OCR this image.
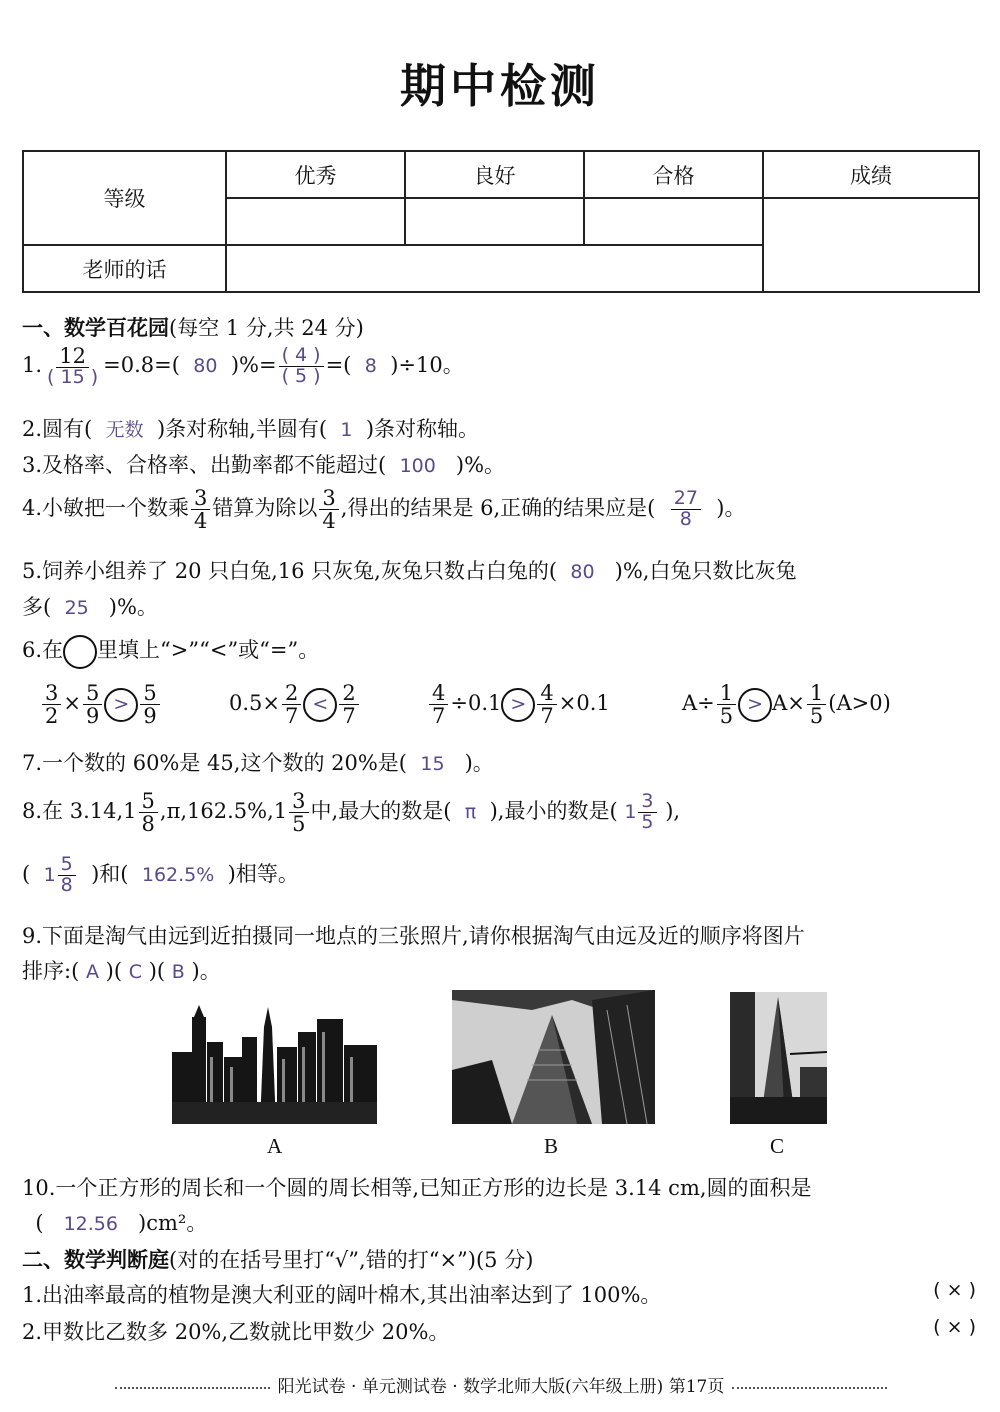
期中检测
等级	优秀	良好	合格	成绩

老师的话				
一、数学百花园(每空 1 分,共 24 分)
1. $\frac{12}{( 15 )} =0.8=$( 80 )%= $\frac{( 4 )}{( 5 )}$ =( 8 )÷10。
2.圆有( 无数 )条对称轴,半圆有( 1 )条对称轴。
3.及格率、合格率、出勤率都不能超过( 100 )%。
4.小敏把一个数乘 $\frac{3}{4}$ 错算为除以 $\frac{3}{4}$ ,得出的结果是 6,正确的结果应是( $\frac{27}{8}$ )。
5.饲养小组养了 20 只白兔,16 只灰兔,灰兔只数占白兔的( 80 )%,白兔只数比灰兔
多( 25 )%。
6.在 里填上“>”“<”或“=”。
$\frac{3}{2} \times \frac{5}{9} > \frac{5}{9}$	$0.5\times \frac{2}{7} < \frac{2}{7}$	$\frac{4}{7} \div 0.1 > \frac{4}{7} \times 0.1$	$A\div \frac{1}{5} > A\times \frac{1}{5} (A>0)$
7.一个数的 60%是 45,这个数的 20%是( 15 )。
8.在 $3.14,1 \frac{5}{8} ,\pi,162.5\%,1 \frac{3}{5}$ 中,最大的数是( π ),最小的数是( $1 \frac{3}{5}$ ),
( $1 \frac{5}{8}$ )和( 162.5% )相等。
9.下面是淘气由远到近拍摄同一地点的三张照片,请你根据淘气由远及近的顺序将图片
排序:( A )( C )( B )。
A	B	C
10.一个正方形的周长和一个圆的周长相等,已知正方形的边长是 3.14 cm,圆的面积是
( 12.56 )cm²。
二、数学判断庭(对的在括号里打“√”,错的打“×”)(5 分)
1.出油率最高的植物是澳大利亚的阔叶棉木,其出油率达到了 100%。	( × )
2.甲数比乙数多 20%,乙数就比甲数少 20%。	( × )
阳光试卷 · 单元测试卷 · 数学北师大版(六年级上册) 第17页
